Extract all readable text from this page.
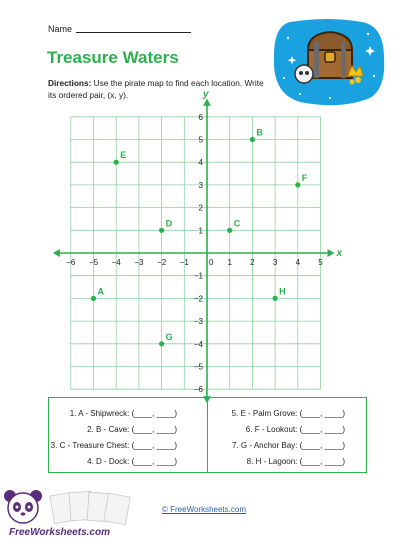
Name
Treasure Waters
Directions: Use the pirate map to find each location. Write its ordered pair, (x, y).
x
y
−6 −5 −4 −3 −2 −1	1 2 3 4 5
−6
−5
−4
−3
−2
−1
1
2
3
4
5
6
0
A
B
C
D
E
F
G
H
1. A - Shipwreck: (____, ____)
2. B - Cave: (____, ____)
3. C - Treasure Chest: (____, ____)
4. D - Dock: (____, ____)
5. E - Palm Grove: (____, ____)
6. F - Lookout: (____, ____)
7. G - Anchor Bay: (____, ____)
8. H - Lagoon: (____, ____)
FreeWorksheets.com
© FreeWorksheets.com
